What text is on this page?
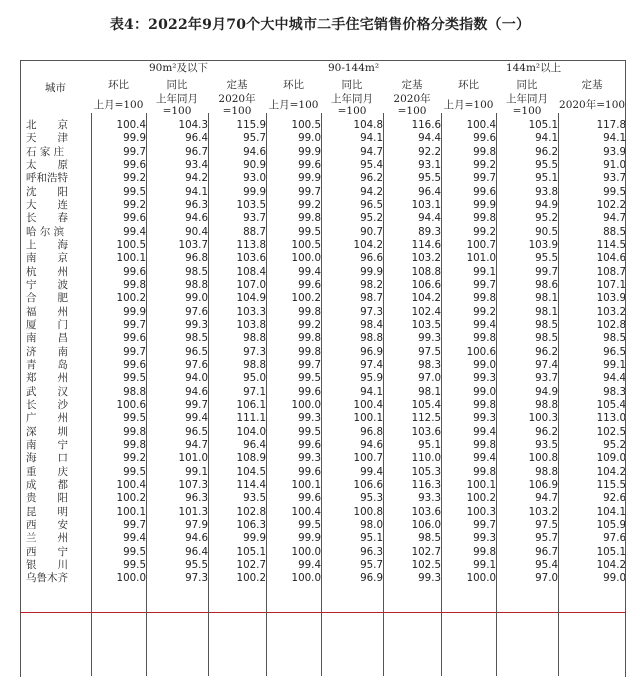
表4：2022年9月70个大中城市二手住宅销售价格分类指数（一）
城市	90m²及以下			90-144m²			144m²以上		
	环比	同比	定基	环比	同比	定基	环比	同比	定基
	上月=100	上年同月=100	2020年=100	上月=100	上年同月=100	2020年=100	上月=100	上年同月=100	2020年=100
北　　京	100.4	104.3	115.9	100.5	104.8	116.6	100.4	105.1	117.8
天　　津	99.9	96.4	95.7	99.0	94.1	94.4	99.6	94.1	94.1
石 家 庄	99.7	96.7	94.6	99.9	94.7	92.2	99.8	96.2	93.9
太　　原	99.6	93.4	90.9	99.6	95.4	93.1	99.2	95.5	91.0
呼和浩特	99.2	94.2	93.0	99.9	96.2	95.5	99.7	95.1	93.7
沈　　阳	99.5	94.1	99.9	99.7	94.2	96.4	99.6	93.8	99.5
大　　连	99.2	96.3	103.5	99.2	96.5	103.1	99.9	94.9	102.2
长　　春	99.6	94.6	93.7	99.8	95.2	94.4	99.8	95.2	94.7
哈 尔 滨	99.4	90.4	88.7	99.5	90.7	89.3	99.2	90.5	88.5
上　　海	100.5	103.7	113.8	100.5	104.2	114.6	100.7	103.9	114.5
南　　京	100.1	96.8	103.6	100.0	96.6	103.2	101.0	95.5	104.6
杭　　州	99.6	98.5	108.4	99.4	99.9	108.8	99.1	99.7	108.7
宁　　波	99.8	98.8	107.0	99.6	98.2	106.6	99.7	98.6	107.1
合　　肥	100.2	99.0	104.9	100.2	98.7	104.2	99.8	98.1	103.9
福　　州	99.9	97.6	103.3	99.8	97.3	102.4	99.2	98.1	103.2
厦　　门	99.7	99.3	103.8	99.2	98.4	103.5	99.4	98.5	102.8
南　　昌	99.6	98.5	98.8	99.8	98.8	99.3	99.8	98.5	98.5
济　　南	99.7	96.5	97.3	99.8	96.9	97.5	100.6	96.2	96.5
青　　岛	99.6	97.6	98.8	99.7	97.4	98.3	99.0	97.4	99.1
郑　　州	99.5	94.0	95.0	99.5	95.9	97.0	99.3	93.7	94.4
武　　汉	98.8	94.6	97.1	99.6	94.1	98.1	99.0	94.9	98.3
长　　沙	100.6	99.7	106.1	100.0	100.4	105.4	99.8	98.8	105.4
广　　州	99.5	99.4	111.1	99.3	100.1	112.5	99.3	100.3	113.0
深　　圳	99.8	96.5	104.0	99.5	96.8	103.6	99.4	96.2	102.5
南　　宁	99.8	94.7	96.4	99.6	94.6	95.1	99.8	93.5	95.2
海　　口	99.2	101.0	108.9	99.3	100.7	110.0	99.4	100.8	109.0
重　　庆	99.5	99.1	104.5	99.6	99.4	105.3	99.8	98.8	104.2
成　　都	100.4	107.3	114.4	100.1	106.6	116.3	100.1	106.9	115.5
贵　　阳	100.2	96.3	93.5	99.6	95.3	93.3	100.2	94.7	92.6
昆　　明	100.1	101.3	102.8	100.4	100.8	103.6	100.3	103.2	104.1
西　　安	99.7	97.9	106.3	99.5	98.0	106.0	99.7	97.5	105.9
兰　　州	99.4	94.6	99.9	99.9	95.1	98.5	99.3	95.7	97.6
西　　宁	99.5	96.4	105.1	100.0	96.3	102.7	99.8	96.7	105.1
银　　川	99.5	95.5	102.7	99.4	95.7	102.5	99.1	95.4	104.2
乌鲁木齐	100.0	97.3	100.2	100.0	96.9	99.3	100.0	97.0	99.0
